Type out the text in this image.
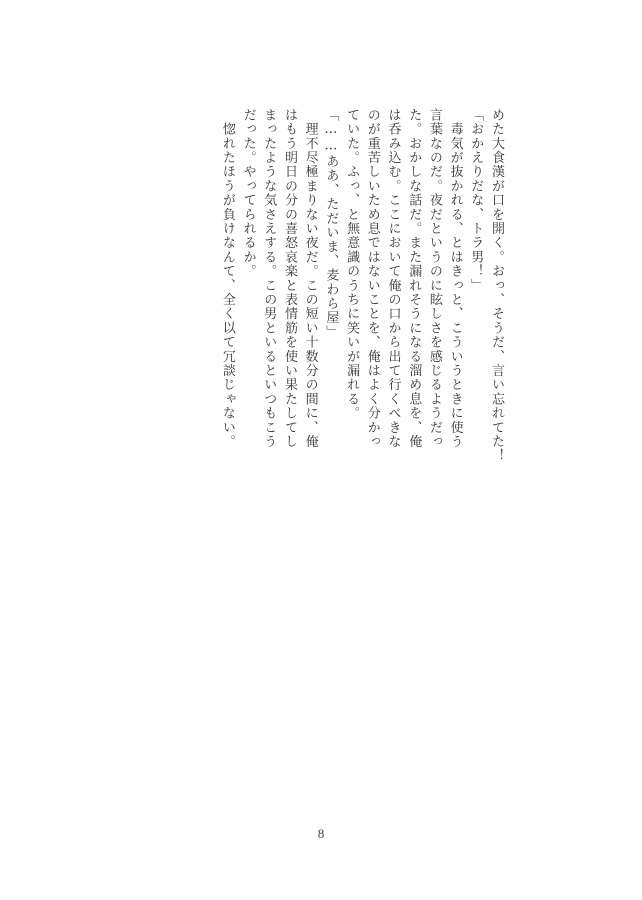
めた大食漢が口を開く。おっ、そうだ、言い忘れてた！
「おかえりだな、トラ男！」
　毒気が抜かれる、とはきっと、こういうときに使う
言葉なのだ。夜だというのに眩しさを感じるようだっ
た。おかしな話だ。また漏れそうになる溜め息を、俺
は呑み込む。ここにおいて俺の口から出て行くべきな
のが重苦しいため息ではないことを、俺はよく分かっ
ていた。ふっ、と無意識のうちに笑いが漏れる。
「……ああ、ただいま、麦わら屋」
　理不尽極まりない夜だ。この短い十数分の間に、俺
はもう明日の分の喜怒哀楽と表情筋を使い果たしてし
まったような気さえする。この男といるといつもこう
だった。やってられるか。
　惚れたほうが負けなんて、全く以て冗談じゃない。
8
